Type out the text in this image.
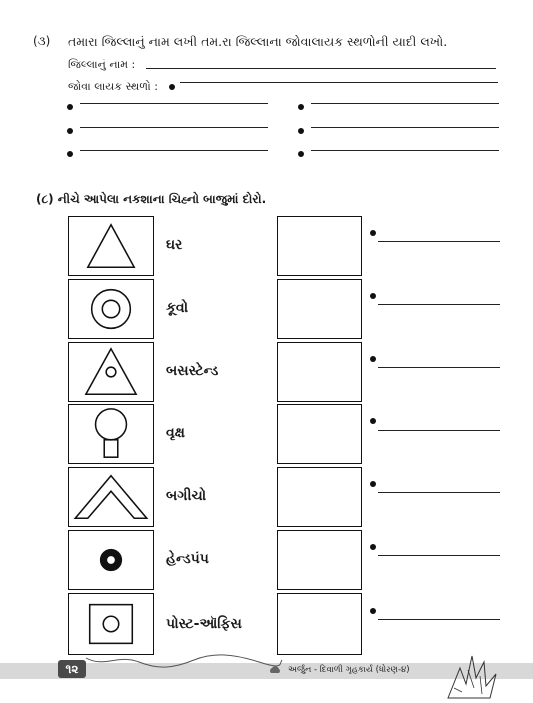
(૩) તમારા જિલ્લાનું નામ લખી તમ.રા જિલ્લાના જોવાલાયક સ્થળોની યાદી લખો.
જિલ્લાનું નામ :
જોવા લાયક સ્થળો :
(૮) નીચે આપેલા નકશાના ચિહ્નો બાજુમાં દોરો.
ઘર
કૂવો
બસસ્ટેન્ડ
વૃક્ષ
બગીચો
હેન્ડપંપ
પોસ્ટ-ઑફિસ
૧૨	અર્જુન - દિવાળી ગૃહકાર્ય (ધોરણ-૪)
